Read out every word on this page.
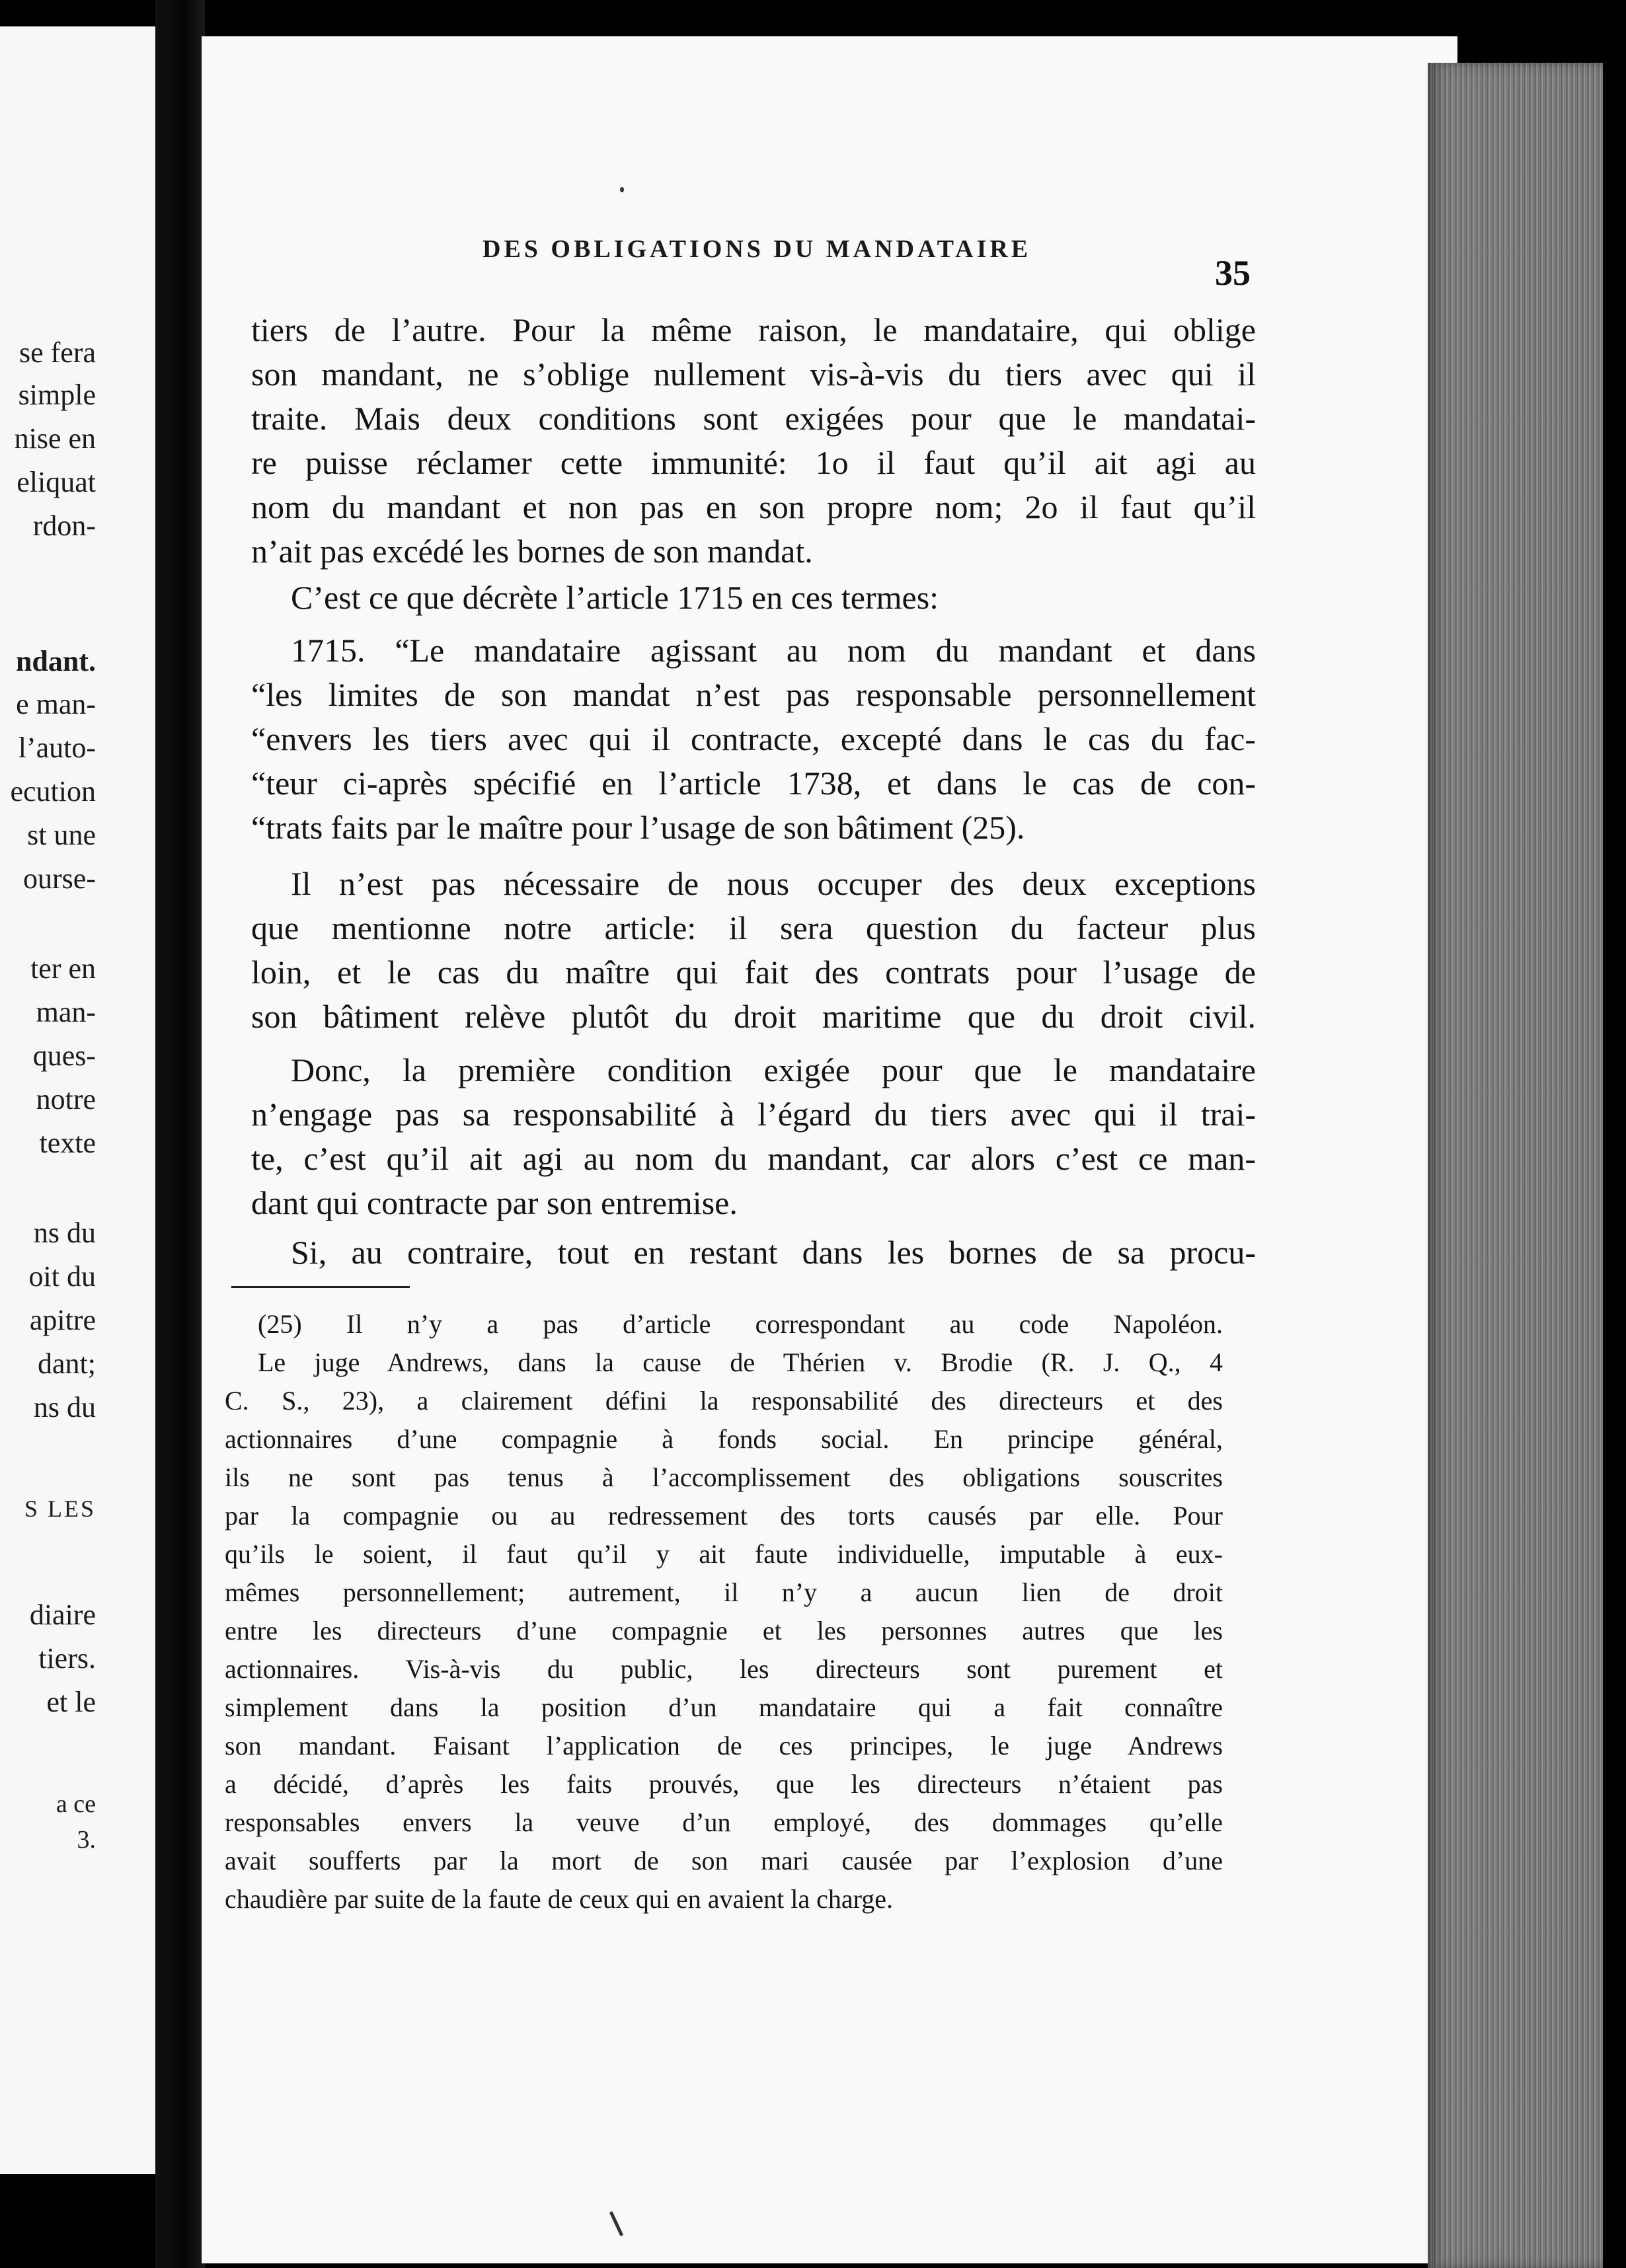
se fera
simple
nise en
eliquat
rdon-
ndant.
e man-
l’auto-
ecution
st une
ourse-
ter en
man-
ques-
notre
texte
ns du
oit du
apitre
dant;
ns du
S LES
diaire
tiers.
et le
a ce
3.
DES OBLIGATIONS DU MANDATAIRE
35
tiers de l’autre. Pour la même raison, le mandataire, qui oblige
son mandant, ne s’oblige nullement vis-à-vis du tiers avec qui il
traite. Mais deux conditions sont exigées pour que le mandatai-
re puisse réclamer cette immunité: 1o il faut qu’il ait agi au
nom du mandant et non pas en son propre nom; 2o il faut qu’il
n’ait pas excédé les bornes de son mandat.
C’est ce que décrète l’article 1715 en ces termes:
1715. “Le mandataire agissant au nom du mandant et dans
“les limites de son mandat n’est pas responsable personnellement
“envers les tiers avec qui il contracte, excepté dans le cas du fac-
“teur ci-après spécifié en l’article 1738, et dans le cas de con-
“trats faits par le maître pour l’usage de son bâtiment (25).
Il n’est pas nécessaire de nous occuper des deux exceptions
que mentionne notre article: il sera question du facteur plus
loin, et le cas du maître qui fait des contrats pour l’usage de
son bâtiment relève plutôt du droit maritime que du droit civil.
Donc, la première condition exigée pour que le mandataire
n’engage pas sa responsabilité à l’égard du tiers avec qui il trai-
te, c’est qu’il ait agi au nom du mandant, car alors c’est ce man-
dant qui contracte par son entremise.
Si, au contraire, tout en restant dans les bornes de sa procu-
(25) Il n’y a pas d’article correspondant au code Napoléon.
Le juge Andrews, dans la cause de Thérien v. Brodie (R. J. Q., 4
C. S., 23), a clairement défini la responsabilité des directeurs et des
actionnaires d’une compagnie à fonds social. En principe général,
ils ne sont pas tenus à l’accomplissement des obligations souscrites
par la compagnie ou au redressement des torts causés par elle. Pour
qu’ils le soient, il faut qu’il y ait faute individuelle, imputable à eux-
mêmes personnellement; autrement, il n’y a aucun lien de droit
entre les directeurs d’une compagnie et les personnes autres que les
actionnaires. Vis-à-vis du public, les directeurs sont purement et
simplement dans la position d’un mandataire qui a fait connaître
son mandant. Faisant l’application de ces principes, le juge Andrews
a décidé, d’après les faits prouvés, que les directeurs n’étaient pas
responsables envers la veuve d’un employé, des dommages qu’elle
avait soufferts par la mort de son mari causée par l’explosion d’une
chaudière par suite de la faute de ceux qui en avaient la charge.
